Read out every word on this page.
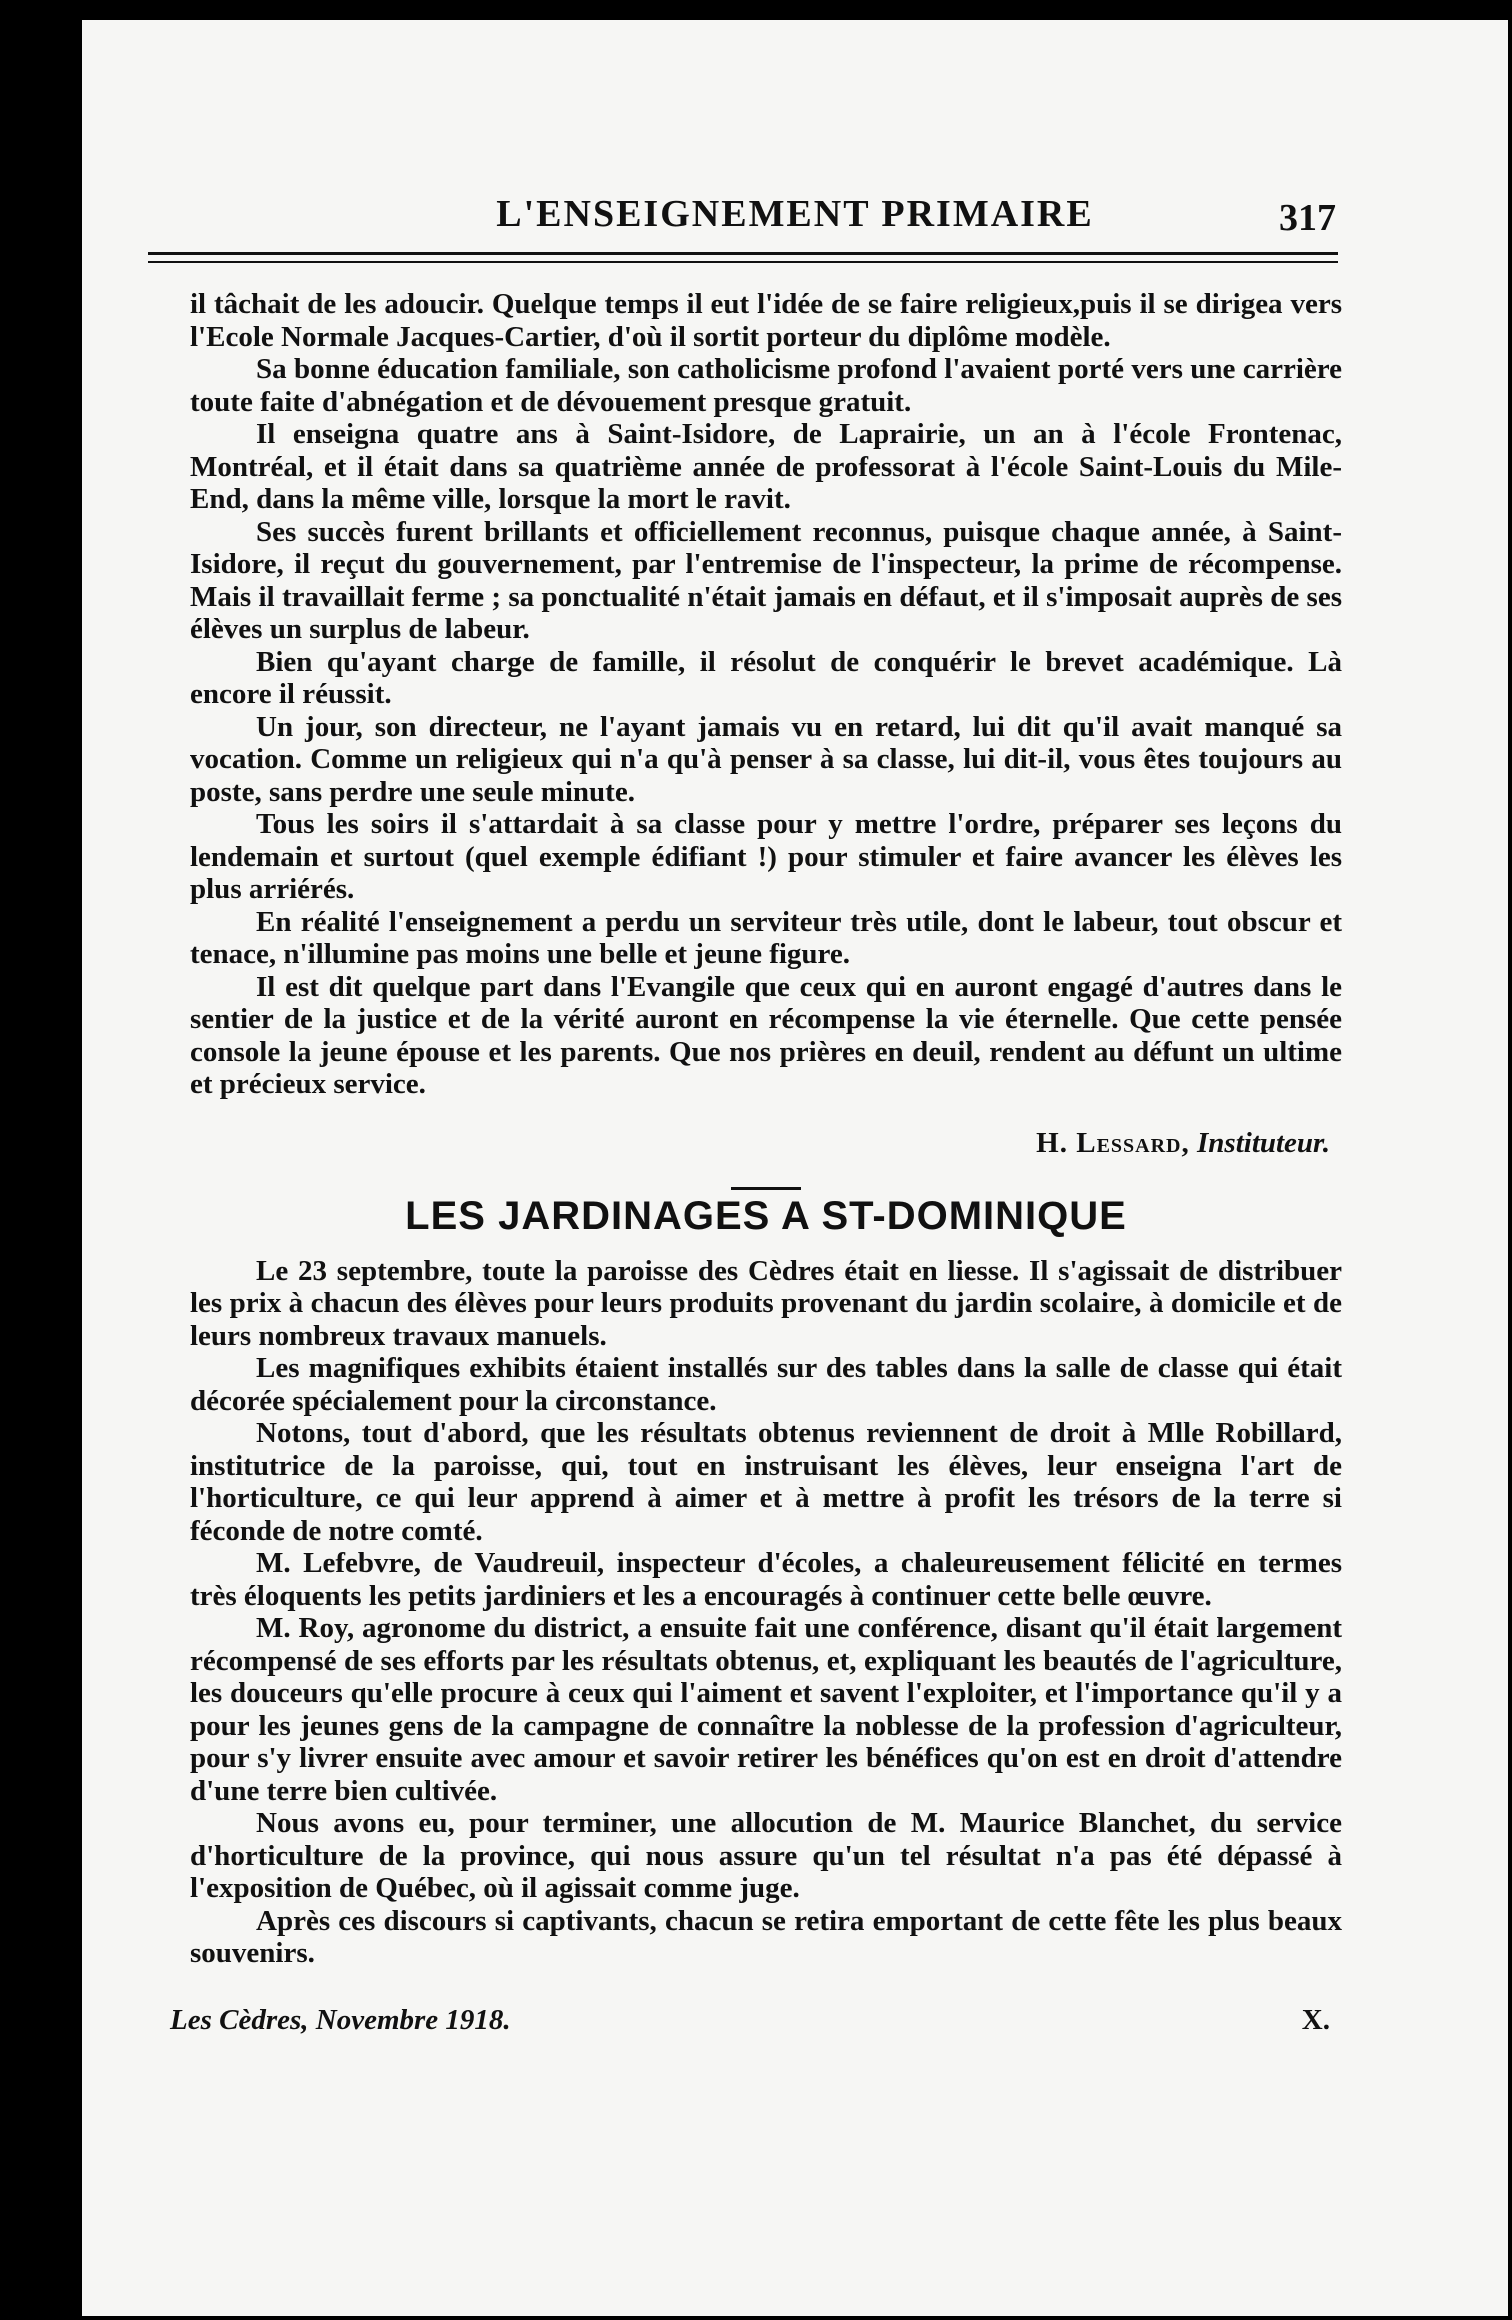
L'ENSEIGNEMENT PRIMAIRE	317

il tâchait de les adoucir. Quelque temps il eut l'idée de se faire religieux,puis il se dirigea vers l'Ecole Normale Jacques-Cartier, d'où il sortit porteur du diplôme modèle.

Sa bonne éducation familiale, son catholicisme profond l'avaient porté vers une carrière toute faite d'abnégation et de dévouement presque gratuit.

Il enseigna quatre ans à Saint-Isidore, de Laprairie, un an à l'école Frontenac, Montréal, et il était dans sa quatrième année de professorat à l'école Saint-Louis du Mile-End, dans la même ville, lorsque la mort le ravit.

Ses succès furent brillants et officiellement reconnus, puisque chaque année, à Saint-Isidore, il reçut du gouvernement, par l'entremise de l'inspecteur, la prime de récompense. Mais il travaillait ferme ; sa ponctualité n'était jamais en défaut, et il s'imposait auprès de ses élèves un surplus de labeur.

Bien qu'ayant charge de famille, il résolut de conquérir le brevet académique. Là encore il réussit.

Un jour, son directeur, ne l'ayant jamais vu en retard, lui dit qu'il avait manqué sa vocation. Comme un religieux qui n'a qu'à penser à sa classe, lui dit-il, vous êtes toujours au poste, sans perdre une seule minute.

Tous les soirs il s'attardait à sa classe pour y mettre l'ordre, préparer ses leçons du lendemain et surtout (quel exemple édifiant !) pour stimuler et faire avancer les élèves les plus arriérés.

En réalité l'enseignement a perdu un serviteur très utile, dont le labeur, tout obscur et tenace, n'illumine pas moins une belle et jeune figure.

Il est dit quelque part dans l'Evangile que ceux qui en auront engagé d'autres dans le sentier de la justice et de la vérité auront en récompense la vie éternelle. Que cette pensée console la jeune épouse et les parents. Que nos prières en deuil, rendent au défunt un ultime et précieux service.

H. Lessard, Instituteur.
LES JARDINAGES A ST-DOMINIQUE

Le 23 septembre, toute la paroisse des Cèdres était en liesse. Il s'agissait de distribuer les prix à chacun des élèves pour leurs produits provenant du jardin scolaire, à domicile et de leurs nombreux travaux manuels.

Les magnifiques exhibits étaient installés sur des tables dans la salle de classe qui était décorée spécialement pour la circonstance.

Notons, tout d'abord, que les résultats obtenus reviennent de droit à Mlle Robillard, institutrice de la paroisse, qui, tout en instruisant les élèves, leur enseigna l'art de l'horticulture, ce qui leur apprend à aimer et à mettre à profit les trésors de la terre si féconde de notre comté.

M. Lefebvre, de Vaudreuil, inspecteur d'écoles, a chaleureusement félicité en termes très éloquents les petits jardiniers et les a encouragés à continuer cette belle œuvre.

M. Roy, agronome du district, a ensuite fait une conférence, disant qu'il était largement récompensé de ses efforts par les résultats obtenus, et, expliquant les beautés de l'agriculture, les douceurs qu'elle procure à ceux qui l'aiment et savent l'exploiter, et l'importance qu'il y a pour les jeunes gens de la campagne de connaître la noblesse de la profession d'agriculteur, pour s'y livrer ensuite avec amour et savoir retirer les bénéfices qu'on est en droit d'attendre d'une terre bien cultivée.

Nous avons eu, pour terminer, une allocution de M. Maurice Blanchet, du service d'horticulture de la province, qui nous assure qu'un tel résultat n'a pas été dépassé à l'exposition de Québec, où il agissait comme juge.

Après ces discours si captivants, chacun se retira emportant de cette fête les plus beaux souvenirs.

Les Cèdres, Novembre 1918.	X.
